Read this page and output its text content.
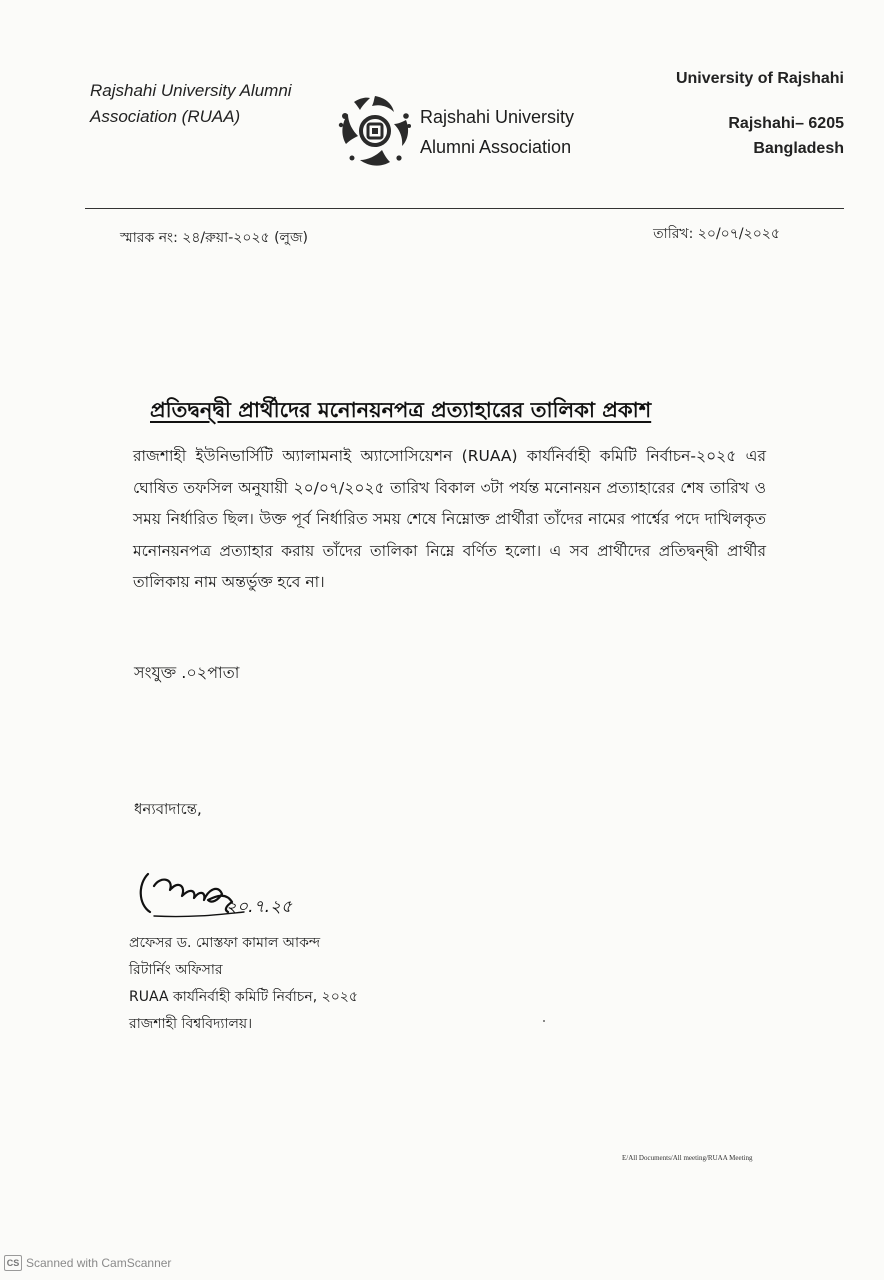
Rajshahi University Alumni
Association (RUAA)	Rajshahi University
Alumni Association
University of Rajshahi
Rajshahi– 6205
Bangladesh
স্মারক নং: ২৪/রুয়া-২০২৫ (লুজ)	তারিখ: ২০/০৭/২০২৫
প্রতিদ্বন্দ্বী প্রার্থীদের মনোনয়নপত্র প্রত্যাহারের তালিকা প্রকাশ
রাজশাহী ইউনিভার্সিটি অ্যালামনাই অ্যাসোসিয়েশন (RUAA) কার্যনির্বাহী কমিটি নির্বাচন-২০২৫ এর ঘোষিত তফসিল অনুযায়ী ২০/০৭/২০২৫ তারিখ বিকাল ৩টা পর্যন্ত মনোনয়ন প্রত্যাহারের শেষ তারিখ ও সময় নির্ধারিত ছিল। উক্ত পূর্ব নির্ধারিত সময় শেষে নিম্নোক্ত প্রার্থীরা তাঁদের নামের পার্শ্বের পদে দাখিলকৃত মনোনয়নপত্র প্রত্যাহার করায় তাঁদের তালিকা নিম্নে বর্ণিত হলো। এ সব প্রার্থীদের প্রতিদ্বন্দ্বী প্রার্থীর তালিকায় নাম অন্তর্ভুক্ত হবে না।
সংযুক্ত .০২পাতা
ধন্যবাদান্তে,
২০.৭.২৫
প্রফেসর ড. মোস্তফা কামাল আকন্দ
রিটার্নিং অফিসার
RUAA কার্যনির্বাহী কমিটি নির্বাচন, ২০২৫
রাজশাহী বিশ্ববিদ্যালয়।
E/All Documents/All meeting/RUAA Meeting
CS Scanned with CamScanner
